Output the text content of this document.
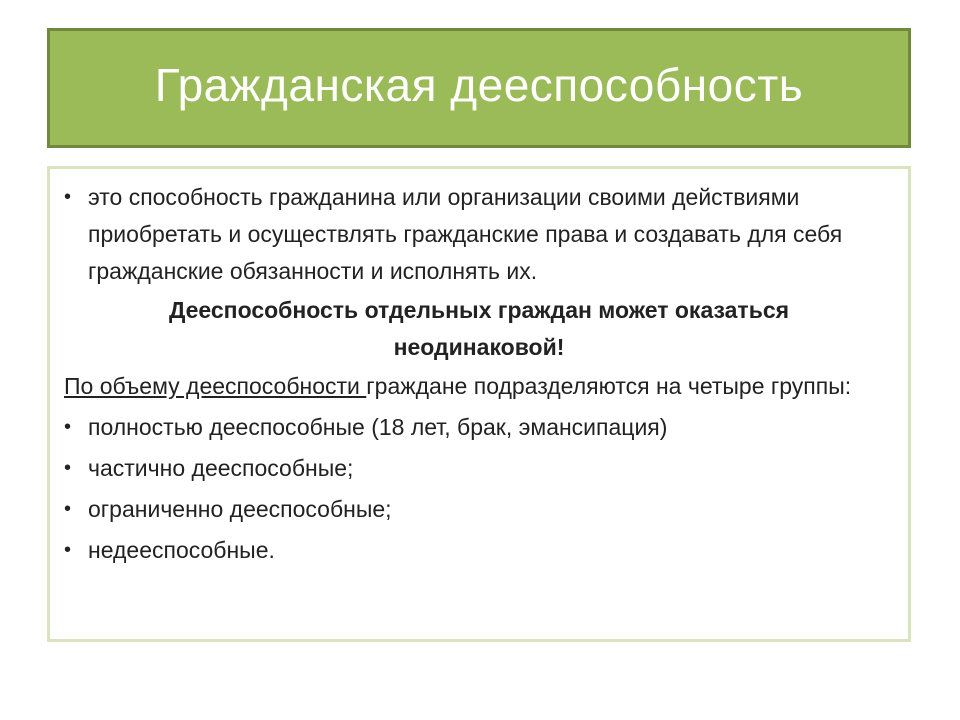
Гражданская дееспособность
• это способность гражданина или организации своими действиями приобретать и осуществлять гражданские права и создавать для себя гражданские обязанности и исполнять их.
Дееспособность отдельных граждан может оказаться неодинаковой!
По объему дееспособности граждане подразделяются на четыре группы:
• полностью дееспособные (18 лет, брак, эмансипация)
• частично дееспособные;
• ограниченно дееспособные;
• недееспособные.
